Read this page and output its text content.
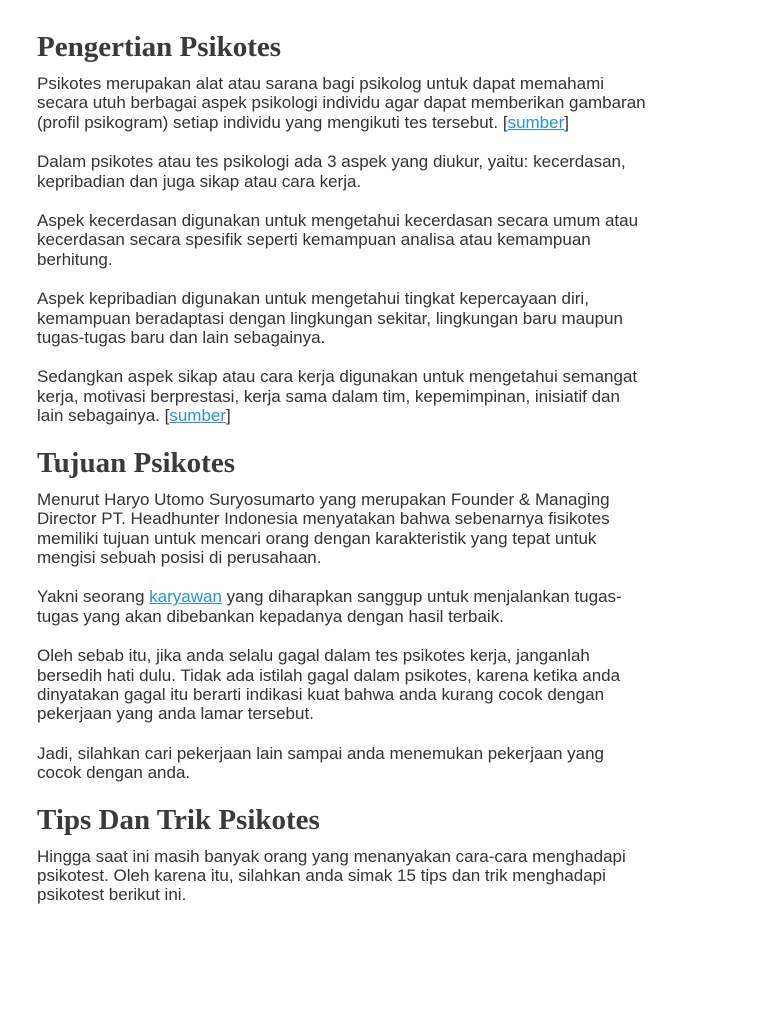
Pengertian Psikotes

Psikotes merupakan alat atau sarana bagi psikolog untuk dapat memahami
secara utuh berbagai aspek psikologi individu agar dapat memberikan gambaran
(profil psikogram) setiap individu yang mengikuti tes tersebut. [sumber]

Dalam psikotes atau tes psikologi ada 3 aspek yang diukur, yaitu: kecerdasan,
kepribadian dan juga sikap atau cara kerja.

Aspek kecerdasan digunakan untuk mengetahui kecerdasan secara umum atau
kecerdasan secara spesifik seperti kemampuan analisa atau kemampuan
berhitung.

Aspek kepribadian digunakan untuk mengetahui tingkat kepercayaan diri,
kemampuan beradaptasi dengan lingkungan sekitar, lingkungan baru maupun
tugas-tugas baru dan lain sebagainya.

Sedangkan aspek sikap atau cara kerja digunakan untuk mengetahui semangat
kerja, motivasi berprestasi, kerja sama dalam tim, kepemimpinan, inisiatif dan
lain sebagainya. [sumber]

Tujuan Psikotes

Menurut Haryo Utomo Suryosumarto yang merupakan Founder & Managing
Director PT. Headhunter Indonesia menyatakan bahwa sebenarnya fisikotes
memiliki tujuan untuk mencari orang dengan karakteristik yang tepat untuk
mengisi sebuah posisi di perusahaan.

Yakni seorang karyawan yang diharapkan sanggup untuk menjalankan tugas-
tugas yang akan dibebankan kepadanya dengan hasil terbaik.

Oleh sebab itu, jika anda selalu gagal dalam tes psikotes kerja, janganlah
bersedih hati dulu. Tidak ada istilah gagal dalam psikotes, karena ketika anda
dinyatakan gagal itu berarti indikasi kuat bahwa anda kurang cocok dengan
pekerjaan yang anda lamar tersebut.

Jadi, silahkan cari pekerjaan lain sampai anda menemukan pekerjaan yang
cocok dengan anda.

Tips Dan Trik Psikotes

Hingga saat ini masih banyak orang yang menanyakan cara-cara menghadapi
psikotest. Oleh karena itu, silahkan anda simak 15 tips dan trik menghadapi
psikotest berikut ini.
